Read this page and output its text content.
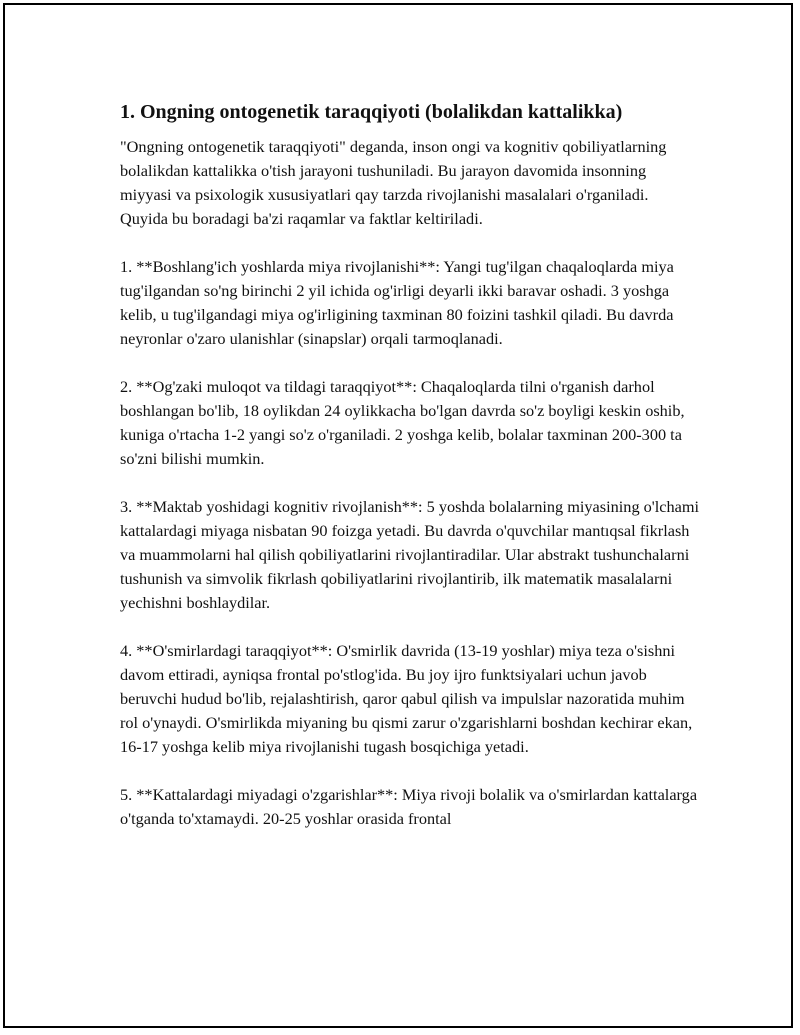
1. Ongning ontogenetik taraqqiyoti (bolalikdan kattalikka)

"Ongning ontogenetik taraqqiyoti" deganda, inson ongi va kognitiv qobiliyatlarning bolalikdan kattalikka o'tish jarayoni tushuniladi. Bu jarayon davomida insonning miyyasi va psixologik xususiyatlari qay tarzda rivojlanishi masalalari o'rganiladi. Quyida bu boradagi ba'zi raqamlar va faktlar keltiriladi.

1. **Boshlang'ich yoshlarda miya rivojlanishi**: Yangi tug'ilgan chaqaloqlarda miya tug'ilgandan so'ng birinchi 2 yil ichida og'irligi deyarli ikki baravar oshadi. 3 yoshga kelib, u tug'ilgandagi miya og'irligining taxminan 80 foizini tashkil qiladi. Bu davrda neyronlar o'zaro ulanishlar (sinapslar) orqali tarmoqlanadi.

2. **Og'zaki muloqot va tildagi taraqqiyot**: Chaqaloqlarda tilni o'rganish darhol boshlangan bo'lib, 18 oylikdan 24 oylikkacha bo'lgan davrda so'z boyligi keskin oshib, kuniga o'rtacha 1-2 yangi so'z o'rganiladi. 2 yoshga kelib, bolalar taxminan 200-300 ta so'zni bilishi mumkin.

3. **Maktab yoshidagi kognitiv rivojlanish**: 5 yoshda bolalarning miyasining o'lchami kattalardagi miyaga nisbatan 90 foizga yetadi. Bu davrda o'quvchilar mantıqsal fikrlash va muammolarni hal qilish qobiliyatlarini rivojlantiradilar. Ular abstrakt tushunchalarni tushunish va simvolik fikrlash qobiliyatlarini rivojlantirib, ilk matematik masalalarni yechishni boshlaydilar.

4. **O'smirlardagi taraqqiyot**: O'smirlik davrida (13-19 yoshlar) miya teza o'sishni davom ettiradi, ayniqsa frontal po'stlog'ida. Bu joy ijro funktsiyalari uchun javob beruvchi hudud bo'lib, rejalashtirish, qaror qabul qilish va impulslar nazoratida muhim rol o'ynaydi. O'smirlikda miyaning bu qismi zarur o'zgarishlarni boshdan kechirar ekan, 16-17 yoshga kelib miya rivojlanishi tugash bosqichiga yetadi.

5. **Kattalardagi miyadagi o'zgarishlar**: Miya rivoji bolalik va o'smirlardan kattalarga o'tganda to'xtamaydi. 20-25 yoshlar orasida frontal
